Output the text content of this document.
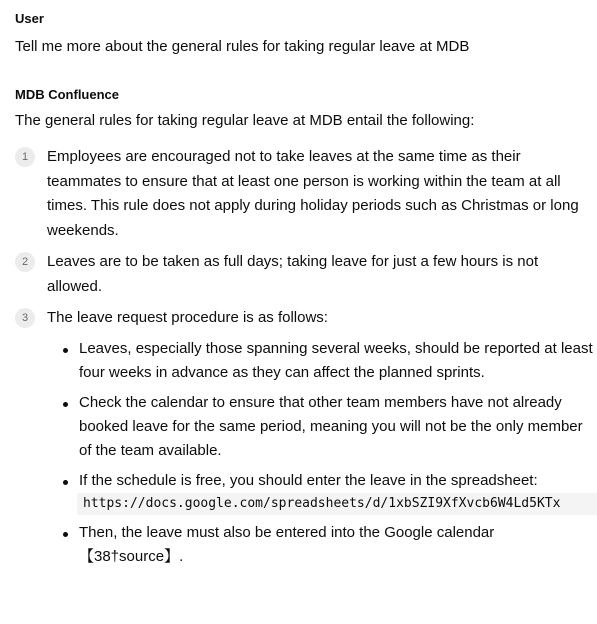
User

Tell me more about the general rules for taking regular leave at MDB

MDB Confluence

The general rules for taking regular leave at MDB entail the following:

1	Employees are encouraged not to take leaves at the same time as their teammates to ensure that at least one person is working within the team at all times. This rule does not apply during holiday periods such as Christmas or long weekends.
2	Leaves are to be taken as full days; taking leave for just a few hours is not allowed.
3	The leave request procedure is as follows:
Leaves, especially those spanning several weeks, should be reported at least four weeks in advance as they can affect the planned sprints.
Check the calendar to ensure that other team members have not already booked leave for the same period, meaning you will not be the only member of the team available.
If the schedule is free, you should enter the leave in the spreadsheet:
https://docs.google.com/spreadsheets/d/1xbSZI9XfXvcb6W4Ld5KTx
Then, the leave must also be entered into the Google calendar 【38†source】.
